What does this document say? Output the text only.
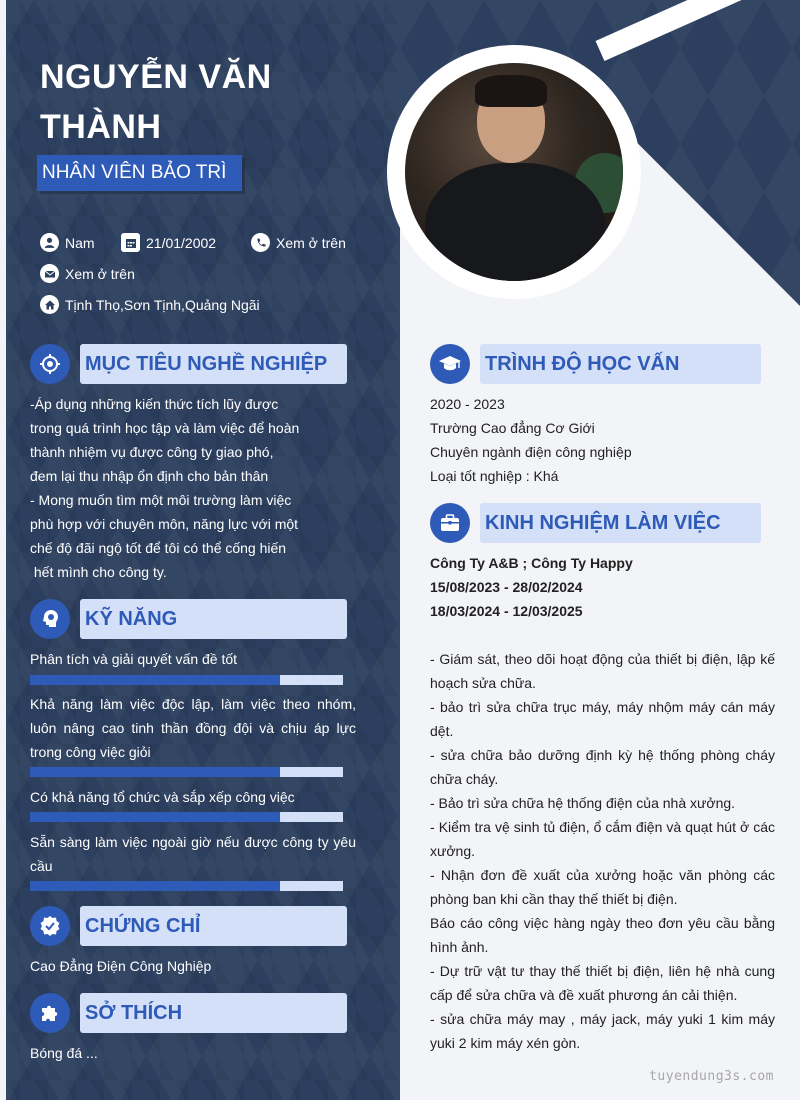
NGUYỄN VĂN
THÀNH
NHÂN VIÊN BẢO TRÌ
Nam	21/01/2002	Xem ở trên
Xem ở trên
Tịnh Thọ,Sơn Tịnh,Quảng Ngãi
MỤC TIÊU NGHỀ NGHIỆP
-Áp dụng những kiến thức tích lũy được
trong quá trình học tập và làm việc để hoàn
thành nhiệm vụ được công ty giao phó,
đem lại thu nhập ổn định cho bản thân
- Mong muốn tìm một môi trường làm việc
phù hợp với chuyên môn, năng lực với một
chế độ đãi ngộ tốt để tôi có thể cống hiến
hết mình cho công ty.
KỸ NĂNG
Phân tích và giải quyết vấn đề tốt
Khả năng làm việc độc lập, làm việc theo nhóm, luôn nâng cao tinh thần đồng đội và chịu áp lực trong công việc giỏi
Có khả năng tổ chức và sắp xếp công việc
Sẵn sàng làm việc ngoài giờ nếu được công ty yêu cầu
CHỨNG CHỈ
Cao Đẳng Điện Công Nghiệp
SỞ THÍCH
Bóng đá ...
TRÌNH ĐỘ HỌC VẤN
2020 - 2023
Trường Cao đẳng Cơ Giới
Chuyên ngành điện công nghiệp
Loại tốt nghiệp : Khá
KINH NGHIỆM LÀM VIỆC
Công Ty A&B ; Công Ty Happy
15/08/2023 - 28/02/2024
18/03/2024 - 12/03/2025
- Giám sát, theo dõi hoạt động của thiết bị điện, lập kế hoạch sửa chữa.
- bảo trì sửa chữa trục máy, máy nhộm máy cán máy dệt.
- sửa chữa bảo dưỡng định kỳ hệ thống phòng cháy chữa cháy.
- Bảo trì sửa chữa hệ thống điện của nhà xưởng.
- Kiểm tra vệ sinh tủ điện, ổ cắm điện và quạt hút ở các xưởng.
- Nhận đơn đề xuất của xưởng hoặc văn phòng các phòng ban khi cần thay thế thiết bị điện.
Báo cáo công việc hàng ngày theo đơn yêu cầu bằng hình ảnh.
- Dự trữ vật tư thay thế thiết bị điện, liên hệ nhà cung cấp để sửa chữa và đề xuất phương án cải thiện.
- sửa chữa máy may , máy jack, máy yuki 1 kim máy yuki 2 kim máy xén gòn.
tuyendung3s.com
